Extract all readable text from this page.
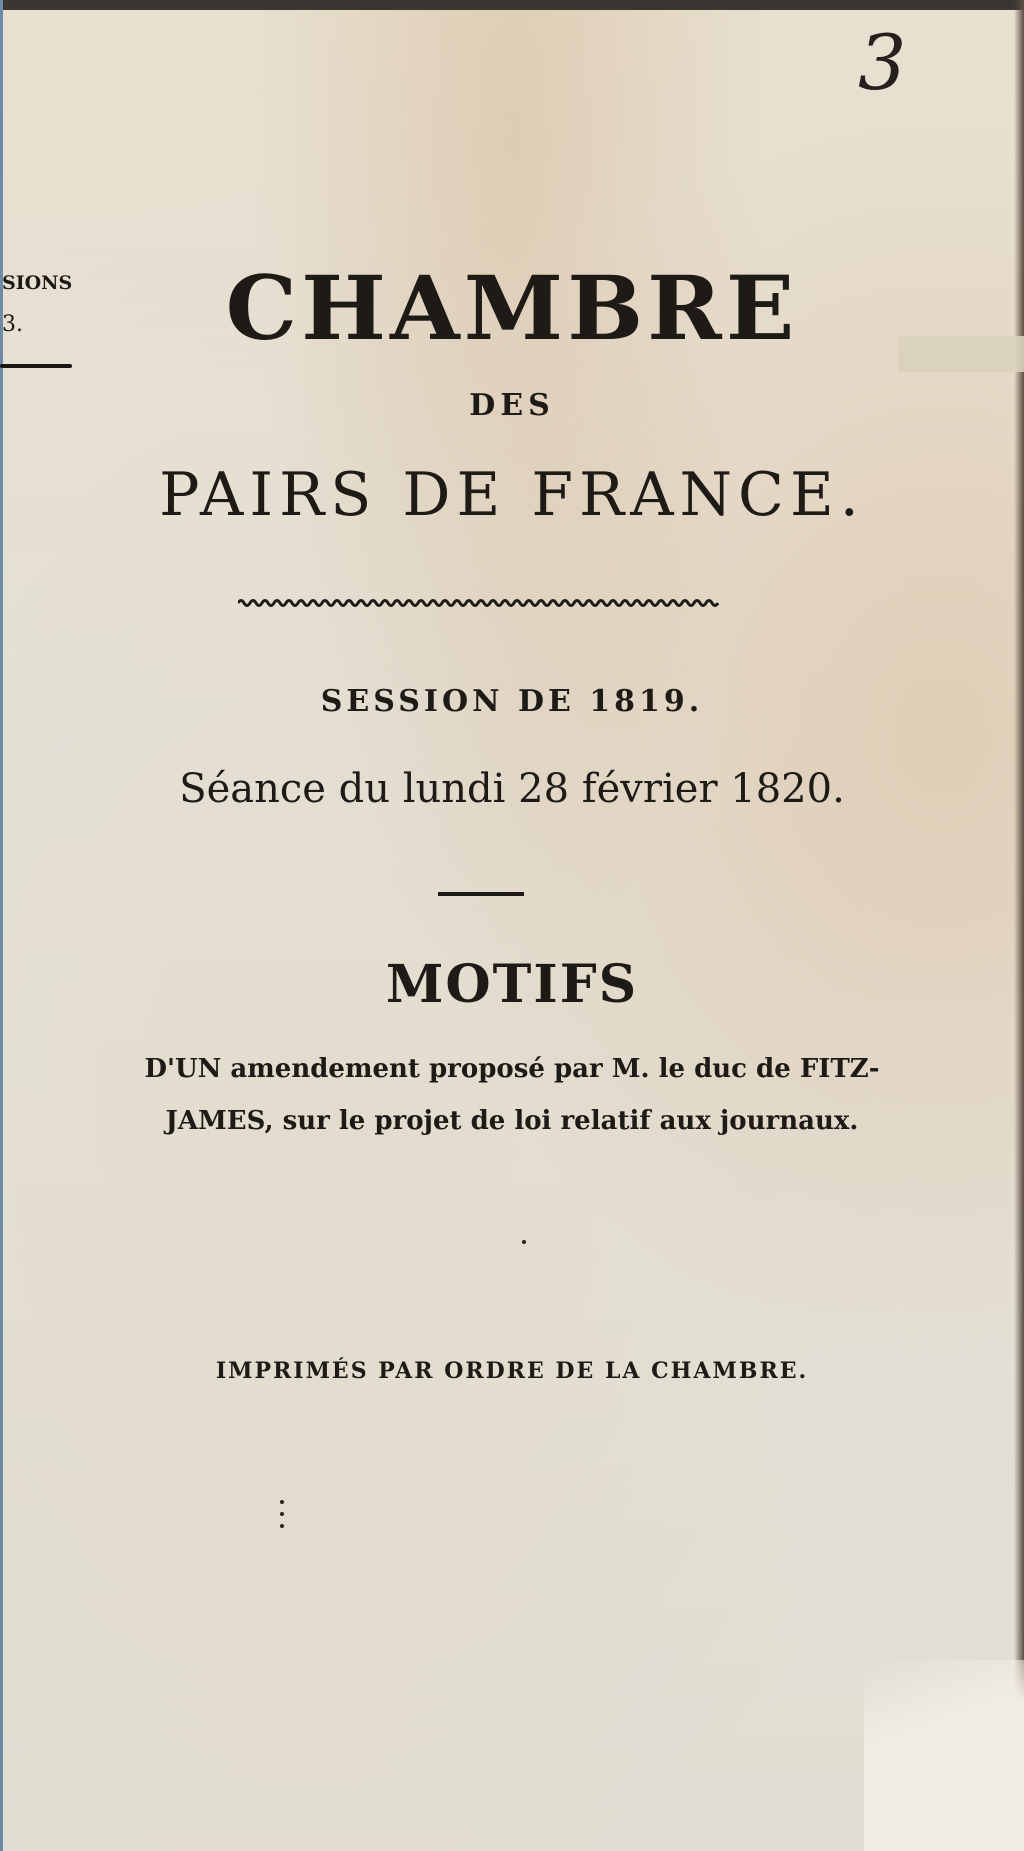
3
SIONS
3.	CHAMBRE
DES
PAIRS DE FRANCE.
SESSION DE 1819.
Séance du lundi 28 février 1820.
MOTIFS
D'UN amendement proposé par M. le duc de FITZ-
JAMES, sur le projet de loi relatif aux journaux.
IMPRIMÉS PAR ORDRE DE LA CHAMBRE.
